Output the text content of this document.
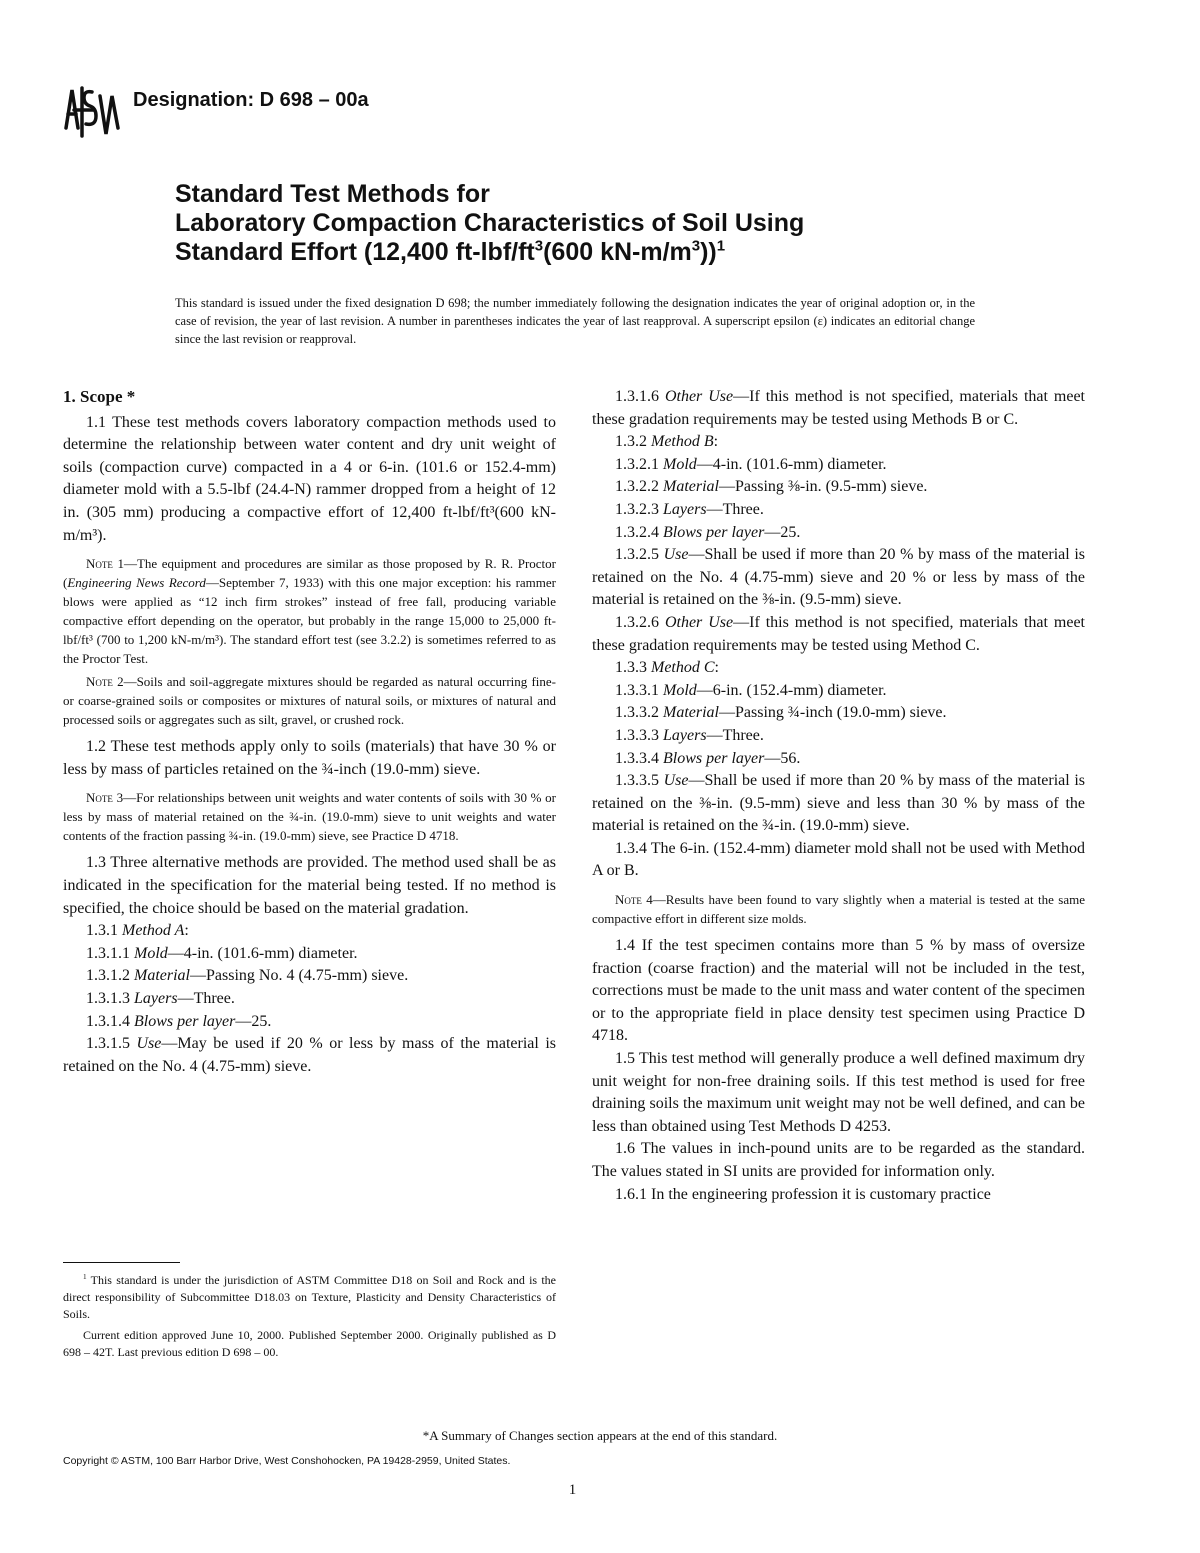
Designation: D 698 – 00a
Standard Test Methods for
Laboratory Compaction Characteristics of Soil Using
Standard Effort (12,400 $ft-lbf/ft^3(600$ $kN-m/m^3))^1$
This standard is issued under the fixed designation D 698; the number immediately following the designation indicates the year of original adoption or, in the case of revision, the year of last revision. A number in parentheses indicates the year of last reapproval. A superscript epsilon (ε) indicates an editorial change since the last revision or reapproval.

1. Scope *

1.1 These test methods covers laboratory compaction methods used to determine the relationship between water content and dry unit weight of soils (compaction curve) compacted in a 4 or 6-in. (101.6 or 152.4-mm) diameter mold with a 5.5-lbf (24.4-N) rammer dropped from a height of 12 in. (305 mm) producing a compactive effort of 12,400 ft-lbf/ft³(600 kN-m/m³).

Note 1—The equipment and procedures are similar as those proposed by R. R. Proctor (Engineering News Record—September 7, 1933) with this one major exception: his rammer blows were applied as “12 inch firm strokes” instead of free fall, producing variable compactive effort depending on the operator, but probably in the range 15,000 to 25,000 ft-lbf/ft³ (700 to 1,200 kN-m/m³). The standard effort test (see 3.2.2) is sometimes referred to as the Proctor Test.

Note 2—Soils and soil-aggregate mixtures should be regarded as natural occurring fine- or coarse-grained soils or composites or mixtures of natural soils, or mixtures of natural and processed soils or aggregates such as silt, gravel, or crushed rock.

1.2 These test methods apply only to soils (materials) that have 30 % or less by mass of particles retained on the ¾-inch (19.0-mm) sieve.

Note 3—For relationships between unit weights and water contents of soils with 30 % or less by mass of material retained on the ¾-in. (19.0-mm) sieve to unit weights and water contents of the fraction passing ¾-in. (19.0-mm) sieve, see Practice D 4718.

1.3 Three alternative methods are provided. The method used shall be as indicated in the specification for the material being tested. If no method is specified, the choice should be based on the material gradation.

1.3.1 Method A:

1.3.1.1 Mold—4-in. (101.6-mm) diameter.

1.3.1.2 Material—Passing No. 4 (4.75-mm) sieve.

1.3.1.3 Layers—Three.

1.3.1.4 Blows per layer—25.

1.3.1.5 Use—May be used if 20 % or less by mass of the material is retained on the No. 4 (4.75-mm) sieve.

$^1$ This standard is under the jurisdiction of ASTM Committee D18 on Soil and Rock and is the direct responsibility of Subcommittee D18.03 on Texture, Plasticity and Density Characteristics of Soils.

Current edition approved June 10, 2000. Published September 2000. Originally published as D 698 – 42T. Last previous edition D 698 – 00.

1.3.1.6 Other Use—If this method is not specified, materials that meet these gradation requirements may be tested using Methods B or C.

1.3.2 Method B:

1.3.2.1 Mold—4-in. (101.6-mm) diameter.

1.3.2.2 Material—Passing ⅜-in. (9.5-mm) sieve.

1.3.2.3 Layers—Three.

1.3.2.4 Blows per layer—25.

1.3.2.5 Use—Shall be used if more than 20 % by mass of the material is retained on the No. 4 (4.75-mm) sieve and 20 % or less by mass of the material is retained on the ⅜-in. (9.5-mm) sieve.

1.3.2.6 Other Use—If this method is not specified, materials that meet these gradation requirements may be tested using Method C.

1.3.3 Method C:

1.3.3.1 Mold—6-in. (152.4-mm) diameter.

1.3.3.2 Material—Passing ¾-inch (19.0-mm) sieve.

1.3.3.3 Layers—Three.

1.3.3.4 Blows per layer—56.

1.3.3.5 Use—Shall be used if more than 20 % by mass of the material is retained on the ⅜-in. (9.5-mm) sieve and less than 30 % by mass of the material is retained on the ¾-in. (19.0-mm) sieve.

1.3.4 The 6-in. (152.4-mm) diameter mold shall not be used with Method A or B.

Note 4—Results have been found to vary slightly when a material is tested at the same compactive effort in different size molds.

1.4 If the test specimen contains more than 5 % by mass of oversize fraction (coarse fraction) and the material will not be included in the test, corrections must be made to the unit mass and water content of the specimen or to the appropriate field in place density test specimen using Practice D 4718.

1.5 This test method will generally produce a well defined maximum dry unit weight for non-free draining soils. If this test method is used for free draining soils the maximum unit weight may not be well defined, and can be less than obtained using Test Methods D 4253.

1.6 The values in inch-pound units are to be regarded as the standard. The values stated in SI units are provided for information only.

1.6.1 In the engineering profession it is customary practice

*A Summary of Changes section appears at the end of this standard.
Copyright © ASTM, 100 Barr Harbor Drive, West Conshohocken, PA 19428-2959, United States.
1
